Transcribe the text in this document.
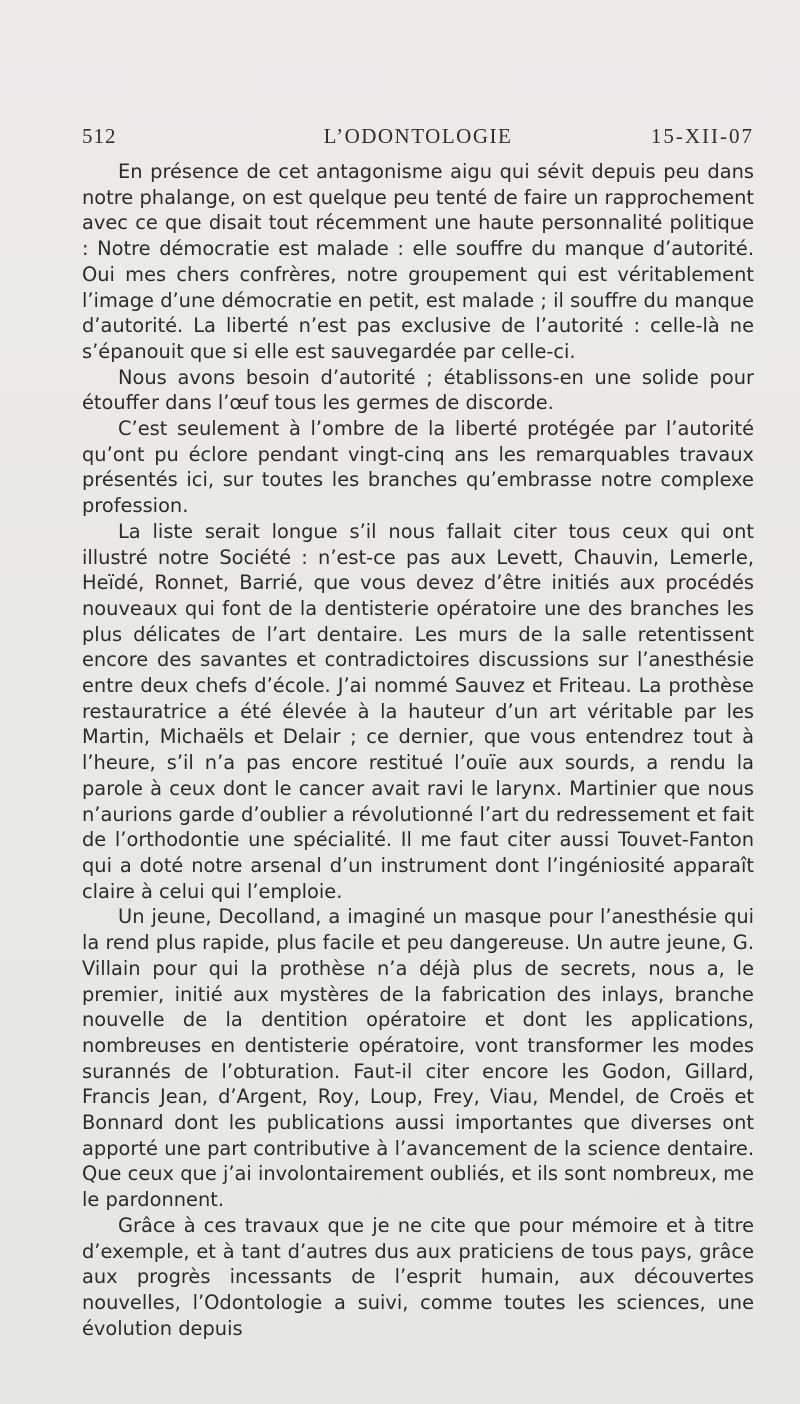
512	L’ODONTOLOGIE	15-XII-07

En présence de cet antagonisme aigu qui sévit depuis peu dans notre phalange, on est quelque peu tenté de faire un rapprochement avec ce que disait tout récemment une haute personnalité politique : Notre démocratie est malade : elle souffre du manque d’autorité. Oui mes chers confrères, notre groupement qui est véritablement l’image d’une démocratie en petit, est malade ; il souffre du manque d’autorité. La liberté n’est pas exclusive de l’autorité : celle-là ne s’épanouit que si elle est sauvegardée par celle-ci.

Nous avons besoin d’autorité ; établissons-en une solide pour étouffer dans l’œuf tous les germes de discorde.

C’est seulement à l’ombre de la liberté protégée par l’autorité qu’ont pu éclore pendant vingt-cinq ans les remarquables travaux présentés ici, sur toutes les branches qu’embrasse notre complexe profession.

La liste serait longue s’il nous fallait citer tous ceux qui ont illustré notre Société : n’est-ce pas aux Levett, Chauvin, Lemerle, Heïdé, Ronnet, Barrié, que vous devez d’être initiés aux procédés nouveaux qui font de la dentisterie opératoire une des branches les plus délicates de l’art dentaire. Les murs de la salle retentissent encore des savantes et contradictoires discussions sur l’anesthésie entre deux chefs d’école. J’ai nommé Sauvez et Friteau. La prothèse restauratrice a été élevée à la hauteur d’un art véritable par les Martin, Michaëls et Delair ; ce dernier, que vous entendrez tout à l’heure, s’il n’a pas encore restitué l’ouïe aux sourds, a rendu la parole à ceux dont le cancer avait ravi le larynx. Martinier que nous n’aurions garde d’oublier a révolutionné l’art du redressement et fait de l’orthodontie une spécialité. Il me faut citer aussi Touvet-Fanton qui a doté notre arsenal d’un instrument dont l’ingéniosité apparaît claire à celui qui l’emploie.

Un jeune, Decolland, a imaginé un masque pour l’anesthésie qui la rend plus rapide, plus facile et peu dangereuse. Un autre jeune, G. Villain pour qui la prothèse n’a déjà plus de secrets, nous a, le premier, initié aux mystères de la fabrication des inlays, branche nouvelle de la dentition opératoire et dont les applications, nombreuses en dentisterie opératoire, vont transformer les modes surannés de l’obturation. Faut-il citer encore les Godon, Gillard, Francis Jean, d’Argent, Roy, Loup, Frey, Viau, Mendel, de Croës et Bonnard dont les publications aussi importantes que diverses ont apporté une part contributive à l’avancement de la science dentaire. Que ceux que j’ai involontairement oubliés, et ils sont nombreux, me le pardonnent.

Grâce à ces travaux que je ne cite que pour mémoire et à titre d’exemple, et à tant d’autres dus aux praticiens de tous pays, grâce aux progrès incessants de l’esprit humain, aux découvertes nouvelles, l’Odontologie a suivi, comme toutes les sciences, une évolution depuis
